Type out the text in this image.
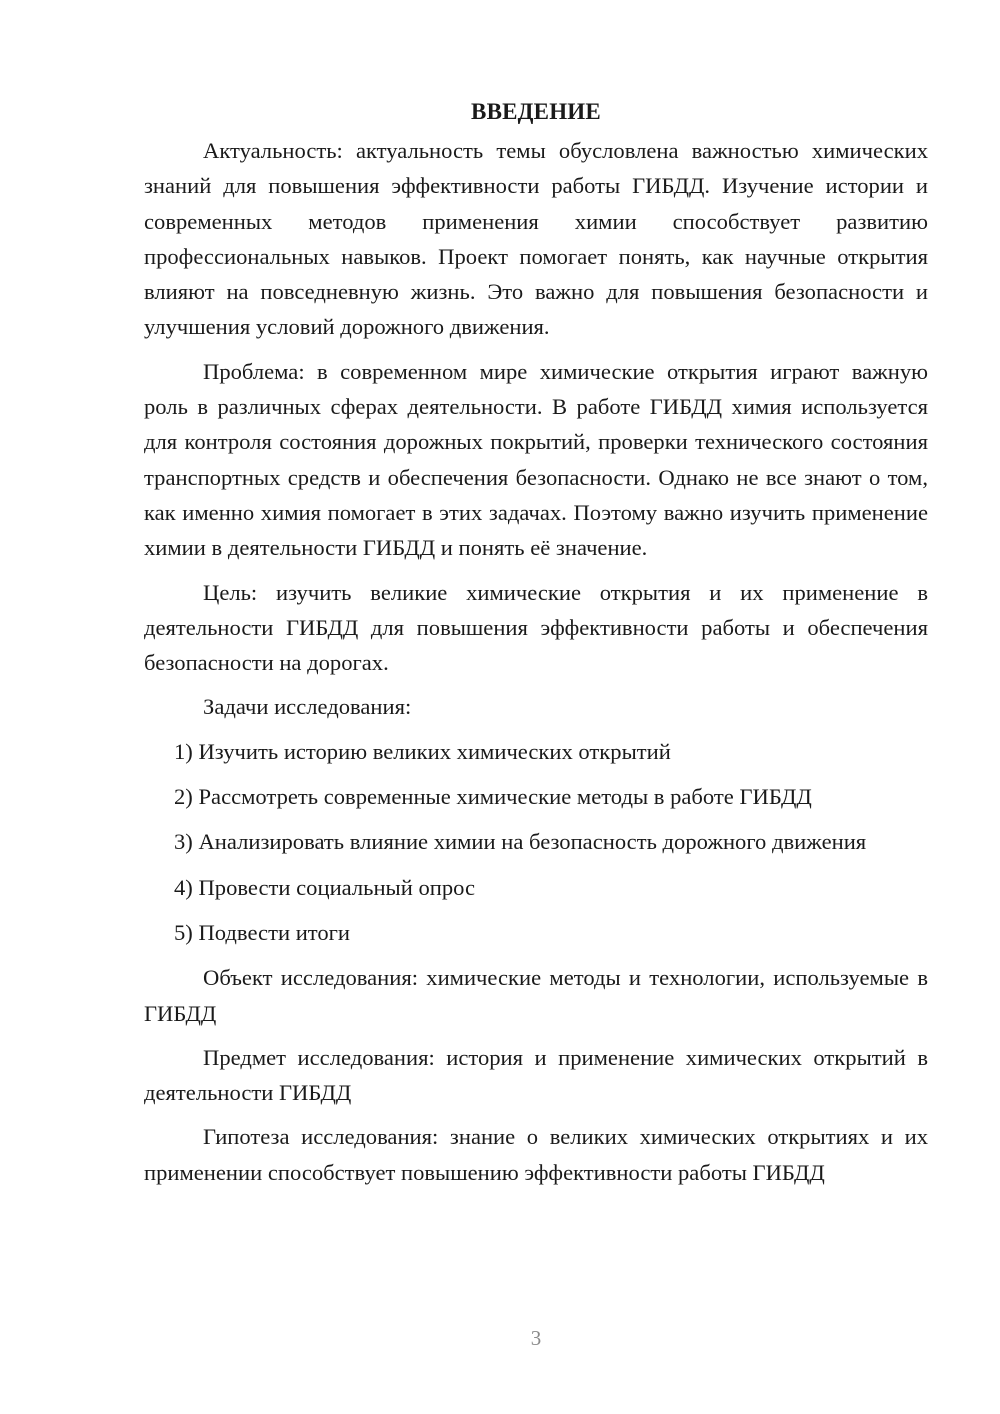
ВВЕДЕНИЕ

Актуальность: актуальность темы обусловлена важностью химических знаний для повышения эффективности работы ГИБДД. Изучение истории и современных методов применения химии способствует развитию профессиональных навыков. Проект помогает понять, как научные открытия влияют на повседневную жизнь. Это важно для повышения безопасности и улучшения условий дорожного движения.

Проблема: в современном мире химические открытия играют важную роль в различных сферах деятельности. В работе ГИБДД химия используется для контроля состояния дорожных покрытий, проверки технического состояния транспортных средств и обеспечения безопасности. Однако не все знают о том, как именно химия помогает в этих задачах. Поэтому важно изучить применение химии в деятельности ГИБДД и понять её значение.

Цель: изучить великие химические открытия и их применение в деятельности ГИБДД для повышения эффективности работы и обеспечения безопасности на дорогах.

Задачи исследования:

1) Изучить историю великих химических открытий

2) Рассмотреть современные химические методы в работе ГИБДД

3) Анализировать влияние химии на безопасность дорожного движения

4) Провести социальный опрос

5) Подвести итоги

Объект исследования: химические методы и технологии, используемые в ГИБДД

Предмет исследования: история и применение химических открытий в деятельности ГИБДД

Гипотеза исследования: знание о великих химических открытиях и их применении способствует повышению эффективности работы ГИБДД

3
